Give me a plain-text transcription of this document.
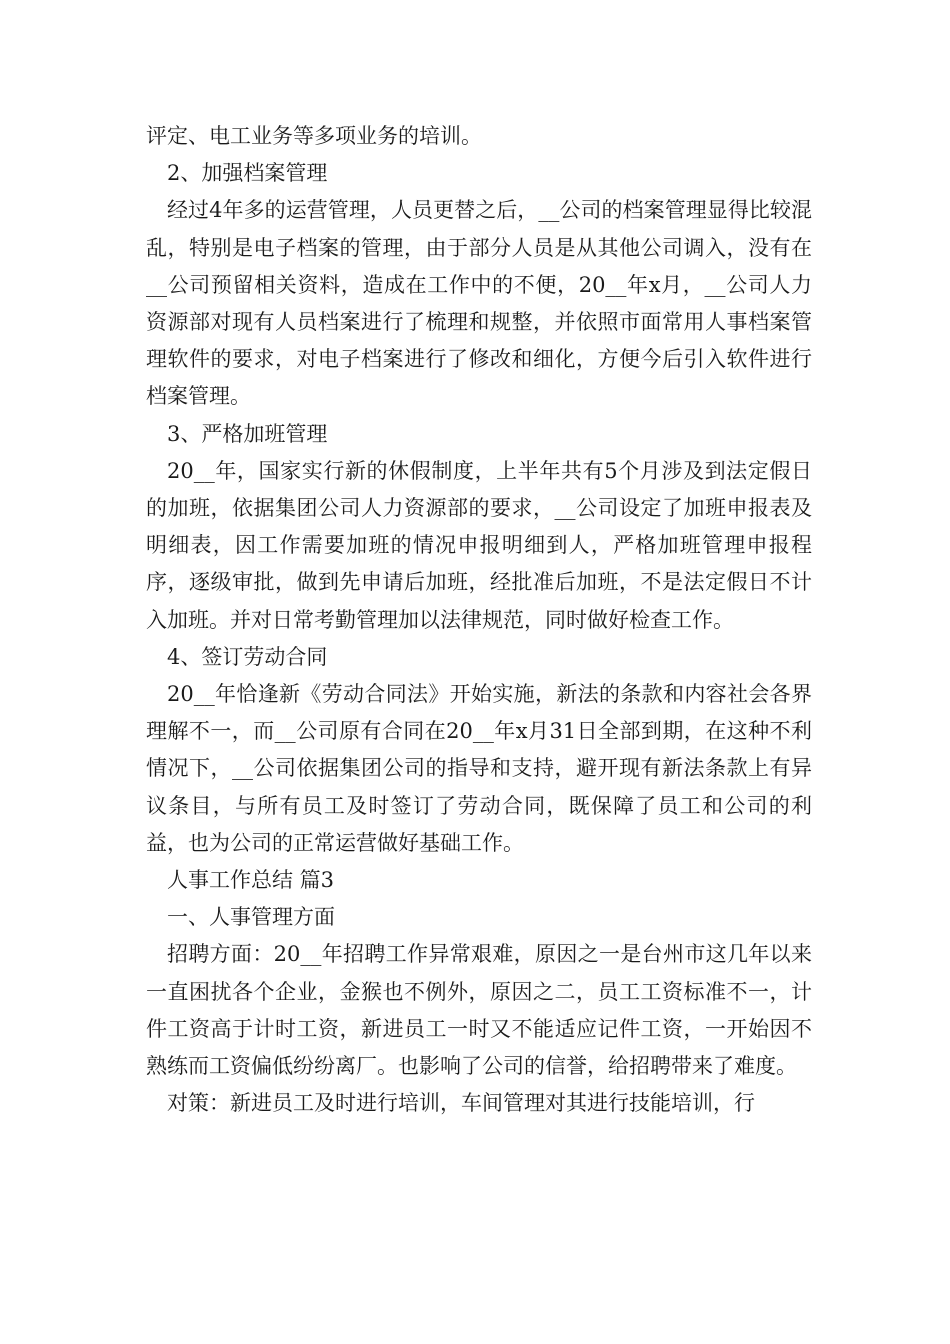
评定、电工业务等多项业务的培训。

2、加强档案管理

经过4年多的运营管理，人员更替之后，__公司的档案管理显得比较混乱，特别是电子档案的管理，由于部分人员是从其他公司调入，没有在__公司预留相关资料，造成在工作中的不便，20__年x月，__公司人力资源部对现有人员档案进行了梳理和规整，并依照市面常用人事档案管理软件的要求，对电子档案进行了修改和细化，方便今后引入软件进行档案管理。

3、严格加班管理

20__年，国家实行新的休假制度，上半年共有5个月涉及到法定假日的加班，依据集团公司人力资源部的要求，__公司设定了加班申报表及明细表，因工作需要加班的情况申报明细到人，严格加班管理申报程序，逐级审批，做到先申请后加班，经批准后加班，不是法定假日不计入加班。并对日常考勤管理加以法律规范，同时做好检查工作。

4、签订劳动合同

20__年恰逢新《劳动合同法》开始实施，新法的条款和内容社会各界理解不一，而__公司原有合同在20__年x月31日全部到期，在这种不利情况下，__公司依据集团公司的指导和支持，避开现有新法条款上有异议条目，与所有员工及时签订了劳动合同，既保障了员工和公司的利益，也为公司的正常运营做好基础工作。

人事工作总结 篇3

一、人事管理方面

招聘方面：20__年招聘工作异常艰难，原因之一是台州市这几年以来一直困扰各个企业，金猴也不例外，原因之二，员工工资标准不一，计件工资高于计时工资，新进员工一时又不能适应记件工资，一开始因不熟练而工资偏低纷纷离厂。也影响了公司的信誉，给招聘带来了难度。

对策：新进员工及时进行培训，车间管理对其进行技能培训，行
